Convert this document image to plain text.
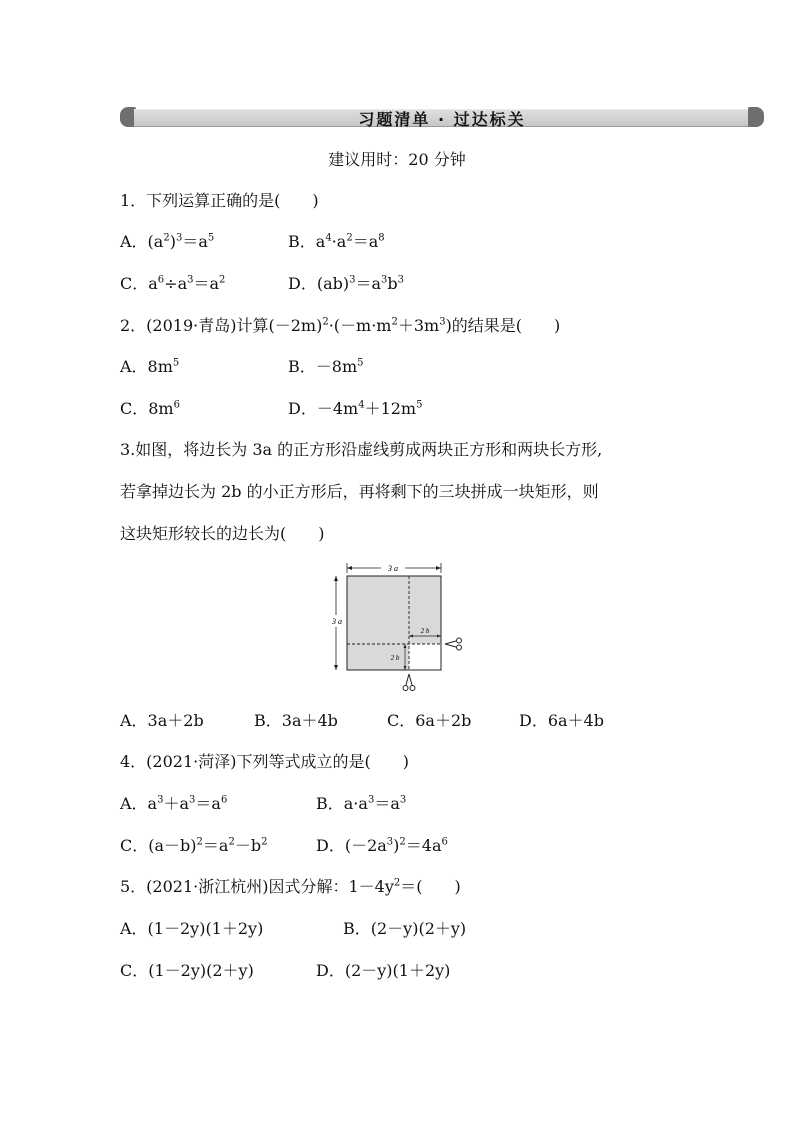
习题清单 · 过达标关
建议用时：20 分钟
1．下列运算正确的是(　　)
A．$(a^2)^3=a^5$	B．$a^4\cdot a^2=a^8$
C．$a^6\div a^3=a^2$	D．$(ab)^3=a^3b^3$
2．(2019·青岛)计算$(-2m)^2\cdot(-m\cdot m^2+3m^3)$的结果是(　　)
A．$8m^5$	B．$-8m^5$
C．$8m^6$	D．$-4m^4+12m^5$
3.如图，将边长为 3a 的正方形沿虚线剪成两块正方形和两块长方形,
若拿掉边长为 2b 的小正方形后，再将剩下的三块拼成一块矩形，则
这块矩形较长的边长为(　　)
3 a
3 a
2 b
2 b
A．3a＋2b	B．3a＋4b	C．6a＋2b	D．6a＋4b
4．(2021·菏泽)下列等式成立的是(　　)
A．$a^3+a^3=a^6$	B．$a\cdot a^3=a^3$
C．$(a-b)^2=a^2-b^2$	D．$(-2a^3)^2=4a^6$
5．(2021·浙江杭州)因式分解：$1-4y^2=$(　　)
A．(1－2y)(1＋2y)	B．(2－y)(2＋y)
C．(1－2y)(2＋y)	D．(2－y)(1＋2y)
